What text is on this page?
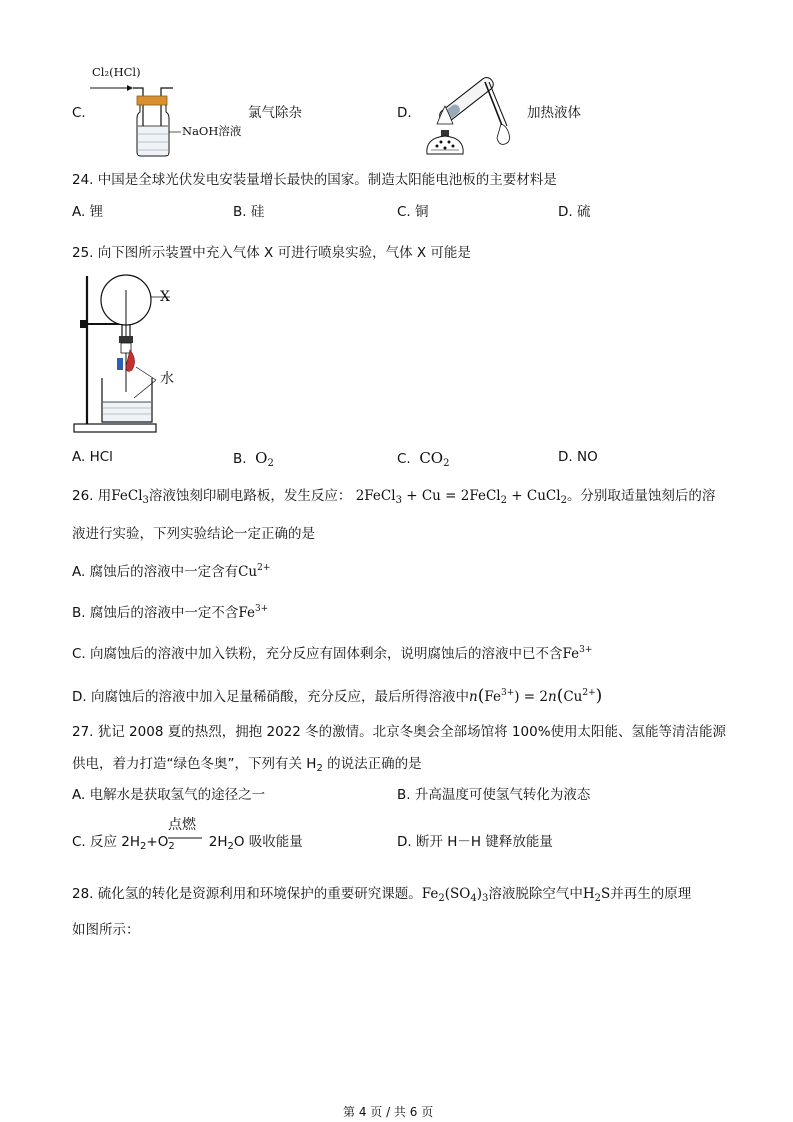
C.
Cl₂(HCl)
NaOH溶液
氯气除杂	D.	加热液体
24. 中国是全球光伏发电安装量增长最快的国家。制造太阳能电池板的主要材料是
A. 锂	B. 硅	C. 铜	D. 硫
25. 向下图所示装置中充入气体 X 可进行喷泉实验，气体 X 可能是
X
水
A. HCl	B. $O_2$	C. $CO_2$	D. NO
26. 用FeCl$_3$溶液蚀刻印刷电路板，发生反应： 2FeCl$_3$ + Cu = 2FeCl$_2$ + CuCl$_2$。分别取适量蚀刻后的溶
液进行实验，下列实验结论一定正确的是
A. 腐蚀后的溶液中一定含有$Cu^{2+}$
B. 腐蚀后的溶液中一定不含$Fe^{3+}$
C. 向腐蚀后的溶液中加入铁粉，充分反应有固体剩余，说明腐蚀后的溶液中已不含$Fe^{3+}$
D. 向腐蚀后的溶液中加入足量稀硝酸，充分反应，最后所得溶液中$n(Fe^{3+}) = 2n(Cu^{2+})$
27. 犹记 2008 夏的热烈，拥抱 2022 冬的激情。北京冬奥会全部场馆将 100%使用太阳能、氢能等清洁能源
供电，着力打造“绿色冬奥”，下列有关 $H_2$ 的说法正确的是
A. 电解水是获取氢气的途径之一	B. 升高温度可使氢气转化为液态
C. 反应 $2H_2+O_2$	$2H_2O$ 吸收能量
点燃
D. 断开 H－H 键释放能量
28. 硫化氢的转化是资源利用和环境保护的重要研究课题。$Fe_2(SO_4)_3$溶液脱除空气中$H_2S$并再生的原理
如图所示：
第 4 页 / 共 6 页
